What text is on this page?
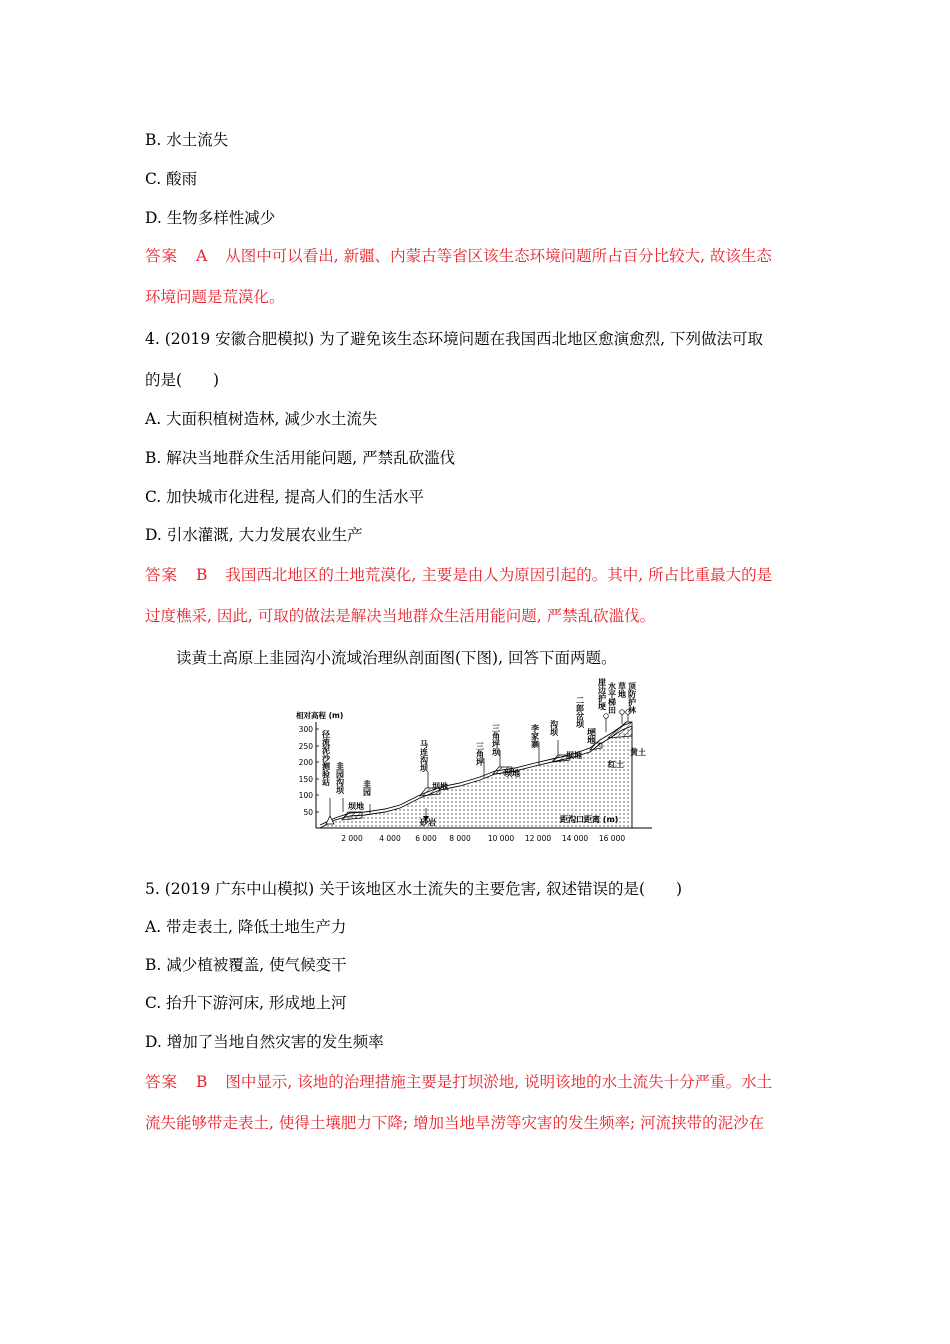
B. 水土流失
C. 酸雨
D. 生物多样性减少
答案 A 从图中可以看出, 新疆、内蒙古等省区该生态环境问题所占百分比较大, 故该生态
环境问题是荒漠化。
4. (2019 安徽合肥模拟) 为了避免该生态环境问题在我国西北地区愈演愈烈, 下列做法可取
的是(　　)
A. 大面积植树造林, 减少水土流失
B. 解决当地群众生活用能问题, 严禁乱砍滥伐
C. 加快城市化进程, 提高人们的生活水平
D. 引水灌溉, 大力发展农业生产
答案 B 我国西北地区的土地荒漠化, 主要是由人为原因引起的。其中, 所占比重最大的是
过度樵采, 因此, 可取的做法是解决当地群众生活用能问题, 严禁乱砍滥伐。
读黄土高原上韭园沟小流域治理纵剖面图(下图), 回答下面两题。
相对高程 (m)
300
250
200
150
100
50
2 000 4 000 6 000 8 000 10 000 12 000 14 000 16 000
径流泥沙测验站 韭园沟坝 韭园
马连沟坝	三角坪 三角坪坝	李家寨 沟坝 二郎岔坝
埂地
崖边护埂 水平梯田 草地 顶防护林
坝地
坝地
坝地
坝地
砂岩
黄土
红土
5. (2019 广东中山模拟) 关于该地区水土流失的主要危害, 叙述错误的是(　　)
A. 带走表土, 降低土地生产力
B. 减少植被覆盖, 使气候变干
C. 抬升下游河床, 形成地上河
D. 增加了当地自然灾害的发生频率
答案 B 图中显示, 该地的治理措施主要是打坝淤地, 说明该地的水土流失十分严重。水土
流失能够带走表土, 使得土壤肥力下降; 增加当地旱涝等灾害的发生频率; 河流挟带的泥沙在
